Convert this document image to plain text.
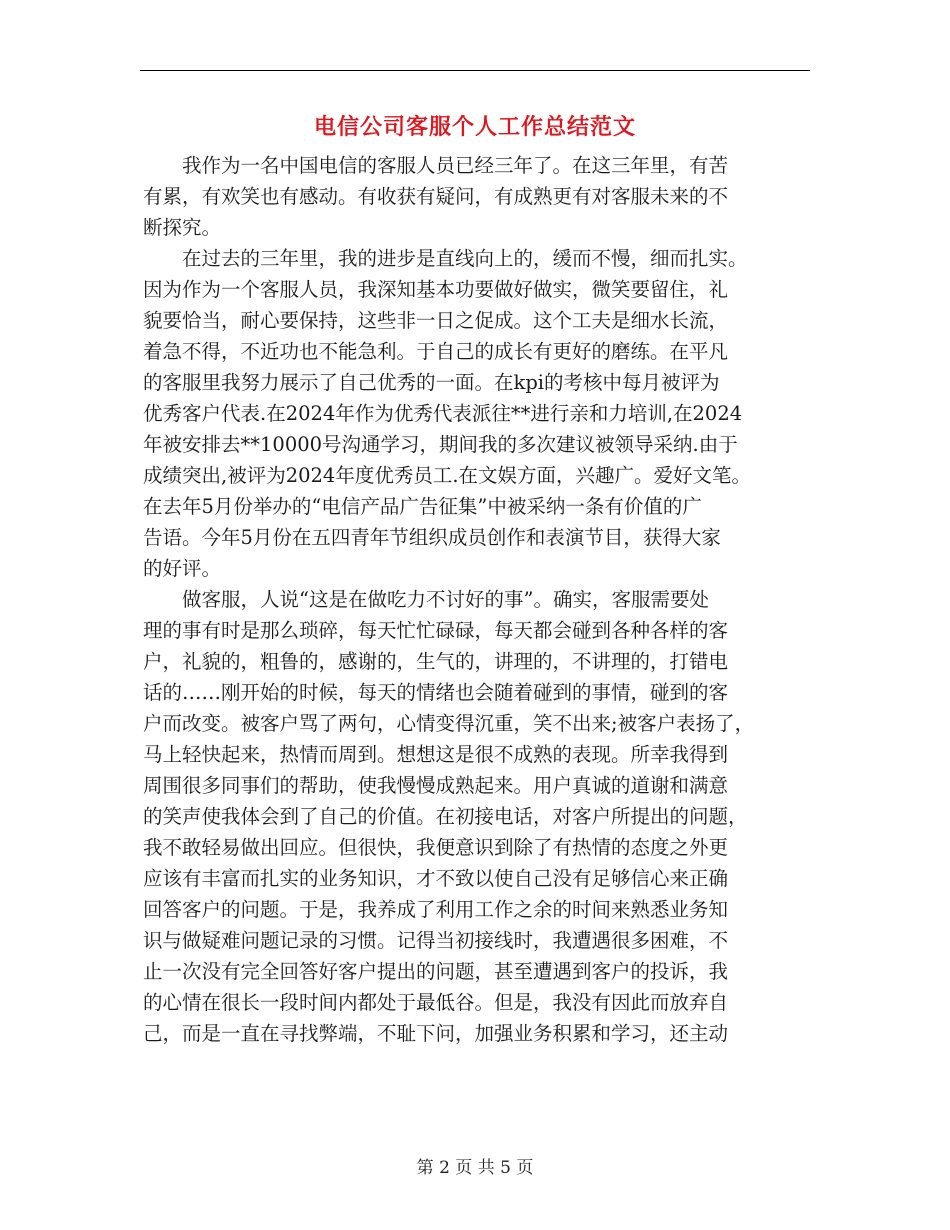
电信公司客服个人工作总结范文
　　我作为一名中国电信的客服人员已经三年了。在这三年里，有苦
有累，有欢笑也有感动。有收获有疑问，有成熟更有对客服未来的不
断探究。
　　在过去的三年里，我的进步是直线向上的，缓而不慢，细而扎实。
因为作为一个客服人员，我深知基本功要做好做实，微笑要留住，礼
貌要恰当，耐心要保持，这些非一日之促成。这个工夫是细水长流，
着急不得，不近功也不能急利。于自己的成长有更好的磨练。在平凡
的客服里我努力展示了自己优秀的一面。在kpi的考核中每月被评为
优秀客户代表.在2024年作为优秀代表派往**进行亲和力培训,在2024
年被安排去**10000号沟通学习，期间我的多次建议被领导采纳.由于
成绩突出,被评为2024年度优秀员工.在文娱方面，兴趣广。爱好文笔。
在去年5月份举办的“电信产品广告征集”中被采纳一条有价值的广
告语。今年5月份在五四青年节组织成员创作和表演节目，获得大家
的好评。
　　做客服，人说“这是在做吃力不讨好的事”。确实，客服需要处
理的事有时是那么琐碎，每天忙忙碌碌，每天都会碰到各种各样的客
户，礼貌的，粗鲁的，感谢的，生气的，讲理的，不讲理的，打错电
话的……刚开始的时候，每天的情绪也会随着碰到的事情，碰到的客
户而改变。被客户骂了两句，心情变得沉重，笑不出来;被客户表扬了，
马上轻快起来，热情而周到。想想这是很不成熟的表现。所幸我得到
周围很多同事们的帮助，使我慢慢成熟起来。用户真诚的道谢和满意
的笑声使我体会到了自己的价值。在初接电话，对客户所提出的问题，
我不敢轻易做出回应。但很快，我便意识到除了有热情的态度之外更
应该有丰富而扎实的业务知识，才不致以使自己没有足够信心来正确
回答客户的问题。于是，我养成了利用工作之余的时间来熟悉业务知
识与做疑难问题记录的习惯。记得当初接线时，我遭遇很多困难，不
止一次没有完全回答好客户提出的问题，甚至遭遇到客户的投诉，我
的心情在很长一段时间内都处于最低谷。但是，我没有因此而放弃自
己，而是一直在寻找弊端，不耻下问，加强业务积累和学习，还主动
第 2 页 共 5 页
